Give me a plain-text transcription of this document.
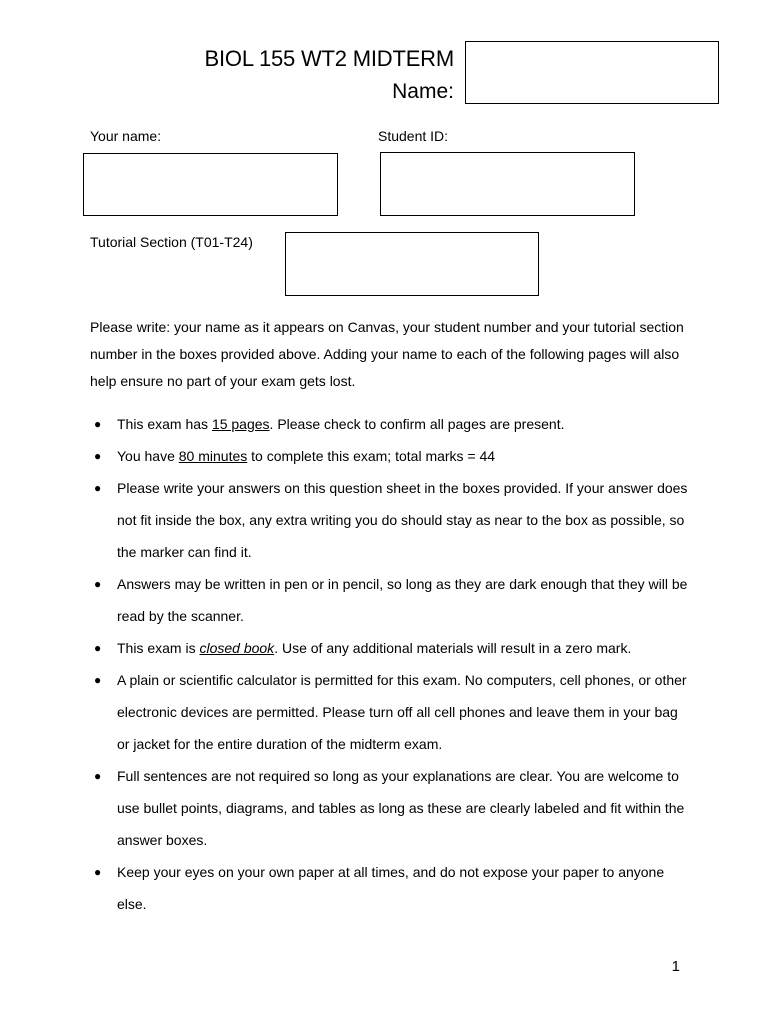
BIOL 155 WT2 MIDTERM
Name:
Your name:	Student ID:
Tutorial Section (T01-T24)
Please write: your name as it appears on Canvas, your student number and your tutorial section number in the boxes provided above. Adding your name to each of the following pages will also help ensure no part of your exam gets lost.
● This exam has 15 pages. Please check to confirm all pages are present.
● You have 80 minutes to complete this exam; total marks = 44
● Please write your answers on this question sheet in the boxes provided. If your answer does not fit inside the box, any extra writing you do should stay as near to the box as possible, so the marker can find it.
● Answers may be written in pen or in pencil, so long as they are dark enough that they will be read by the scanner.
● This exam is closed book. Use of any additional materials will result in a zero mark.
● A plain or scientific calculator is permitted for this exam. No computers, cell phones, or other electronic devices are permitted. Please turn off all cell phones and leave them in your bag or jacket for the entire duration of the midterm exam.
● Full sentences are not required so long as your explanations are clear. You are welcome to use bullet points, diagrams, and tables as long as these are clearly labeled and fit within the answer boxes.
● Keep your eyes on your own paper at all times, and do not expose your paper to anyone else.
1
